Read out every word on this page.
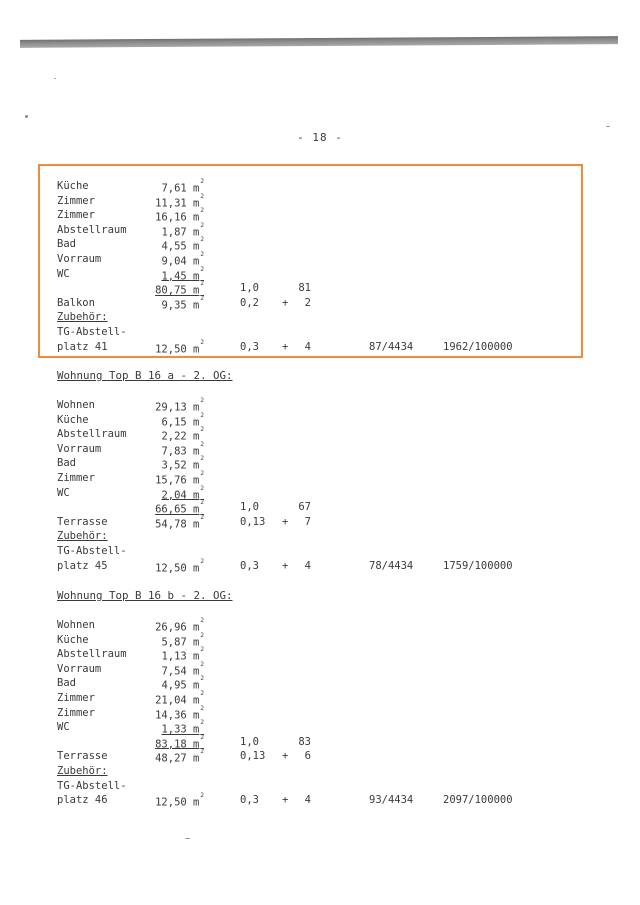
- 18 -
Küche	7,61 $m^2$
Zimmer	11,31 $m^2$
Zimmer	16,16 $m^2$
Abstellraum	1,87 $m^2$
Bad	4,55 $m^2$
Vorraum	9,04 $m^2$
WC	1,45 $m^2$
80,75 $m^2$	1,0	81
Balkon	9,35 $m^2$	0,2 +	2
Zubehör:
TG-Abstell-
platz 41	12,50 $m^2$	0,3 +	4	87/4434	1962/100000
Wohnung Top B 16 a - 2. OG:
Wohnen	29,13 $m^2$
Küche	6,15 $m^2$
Abstellraum	2,22 $m^2$
Vorraum	7,83 $m^2$
Bad	3,52 $m^2$
Zimmer	15,76 $m^2$
WC	2,04 $m^2$
66,65 $m^2$	1,0	67
Terrasse	54,78 $m^2$	0,13 +	7
Zubehör:
TG-Abstell-
platz 45	12,50 $m^2$	0,3 +	4	78/4434	1759/100000
Wohnung Top B 16 b - 2. OG:
Wohnen	26,96 $m^2$
Küche	5,87 $m^2$
Abstellraum	1,13 $m^2$
Vorraum	7,54 $m^2$
Bad	4,95 $m^2$
Zimmer	21,04 $m^2$
Zimmer	14,36 $m^2$
WC	1,33 $m^2$
83,18 $m^2$	1,0	83
Terrasse	48,27 $m^2$	0,13 +	6
Zubehör:
TG-Abstell-
platz 46	12,50 $m^2$	0,3 +	4	93/4434	2097/100000
